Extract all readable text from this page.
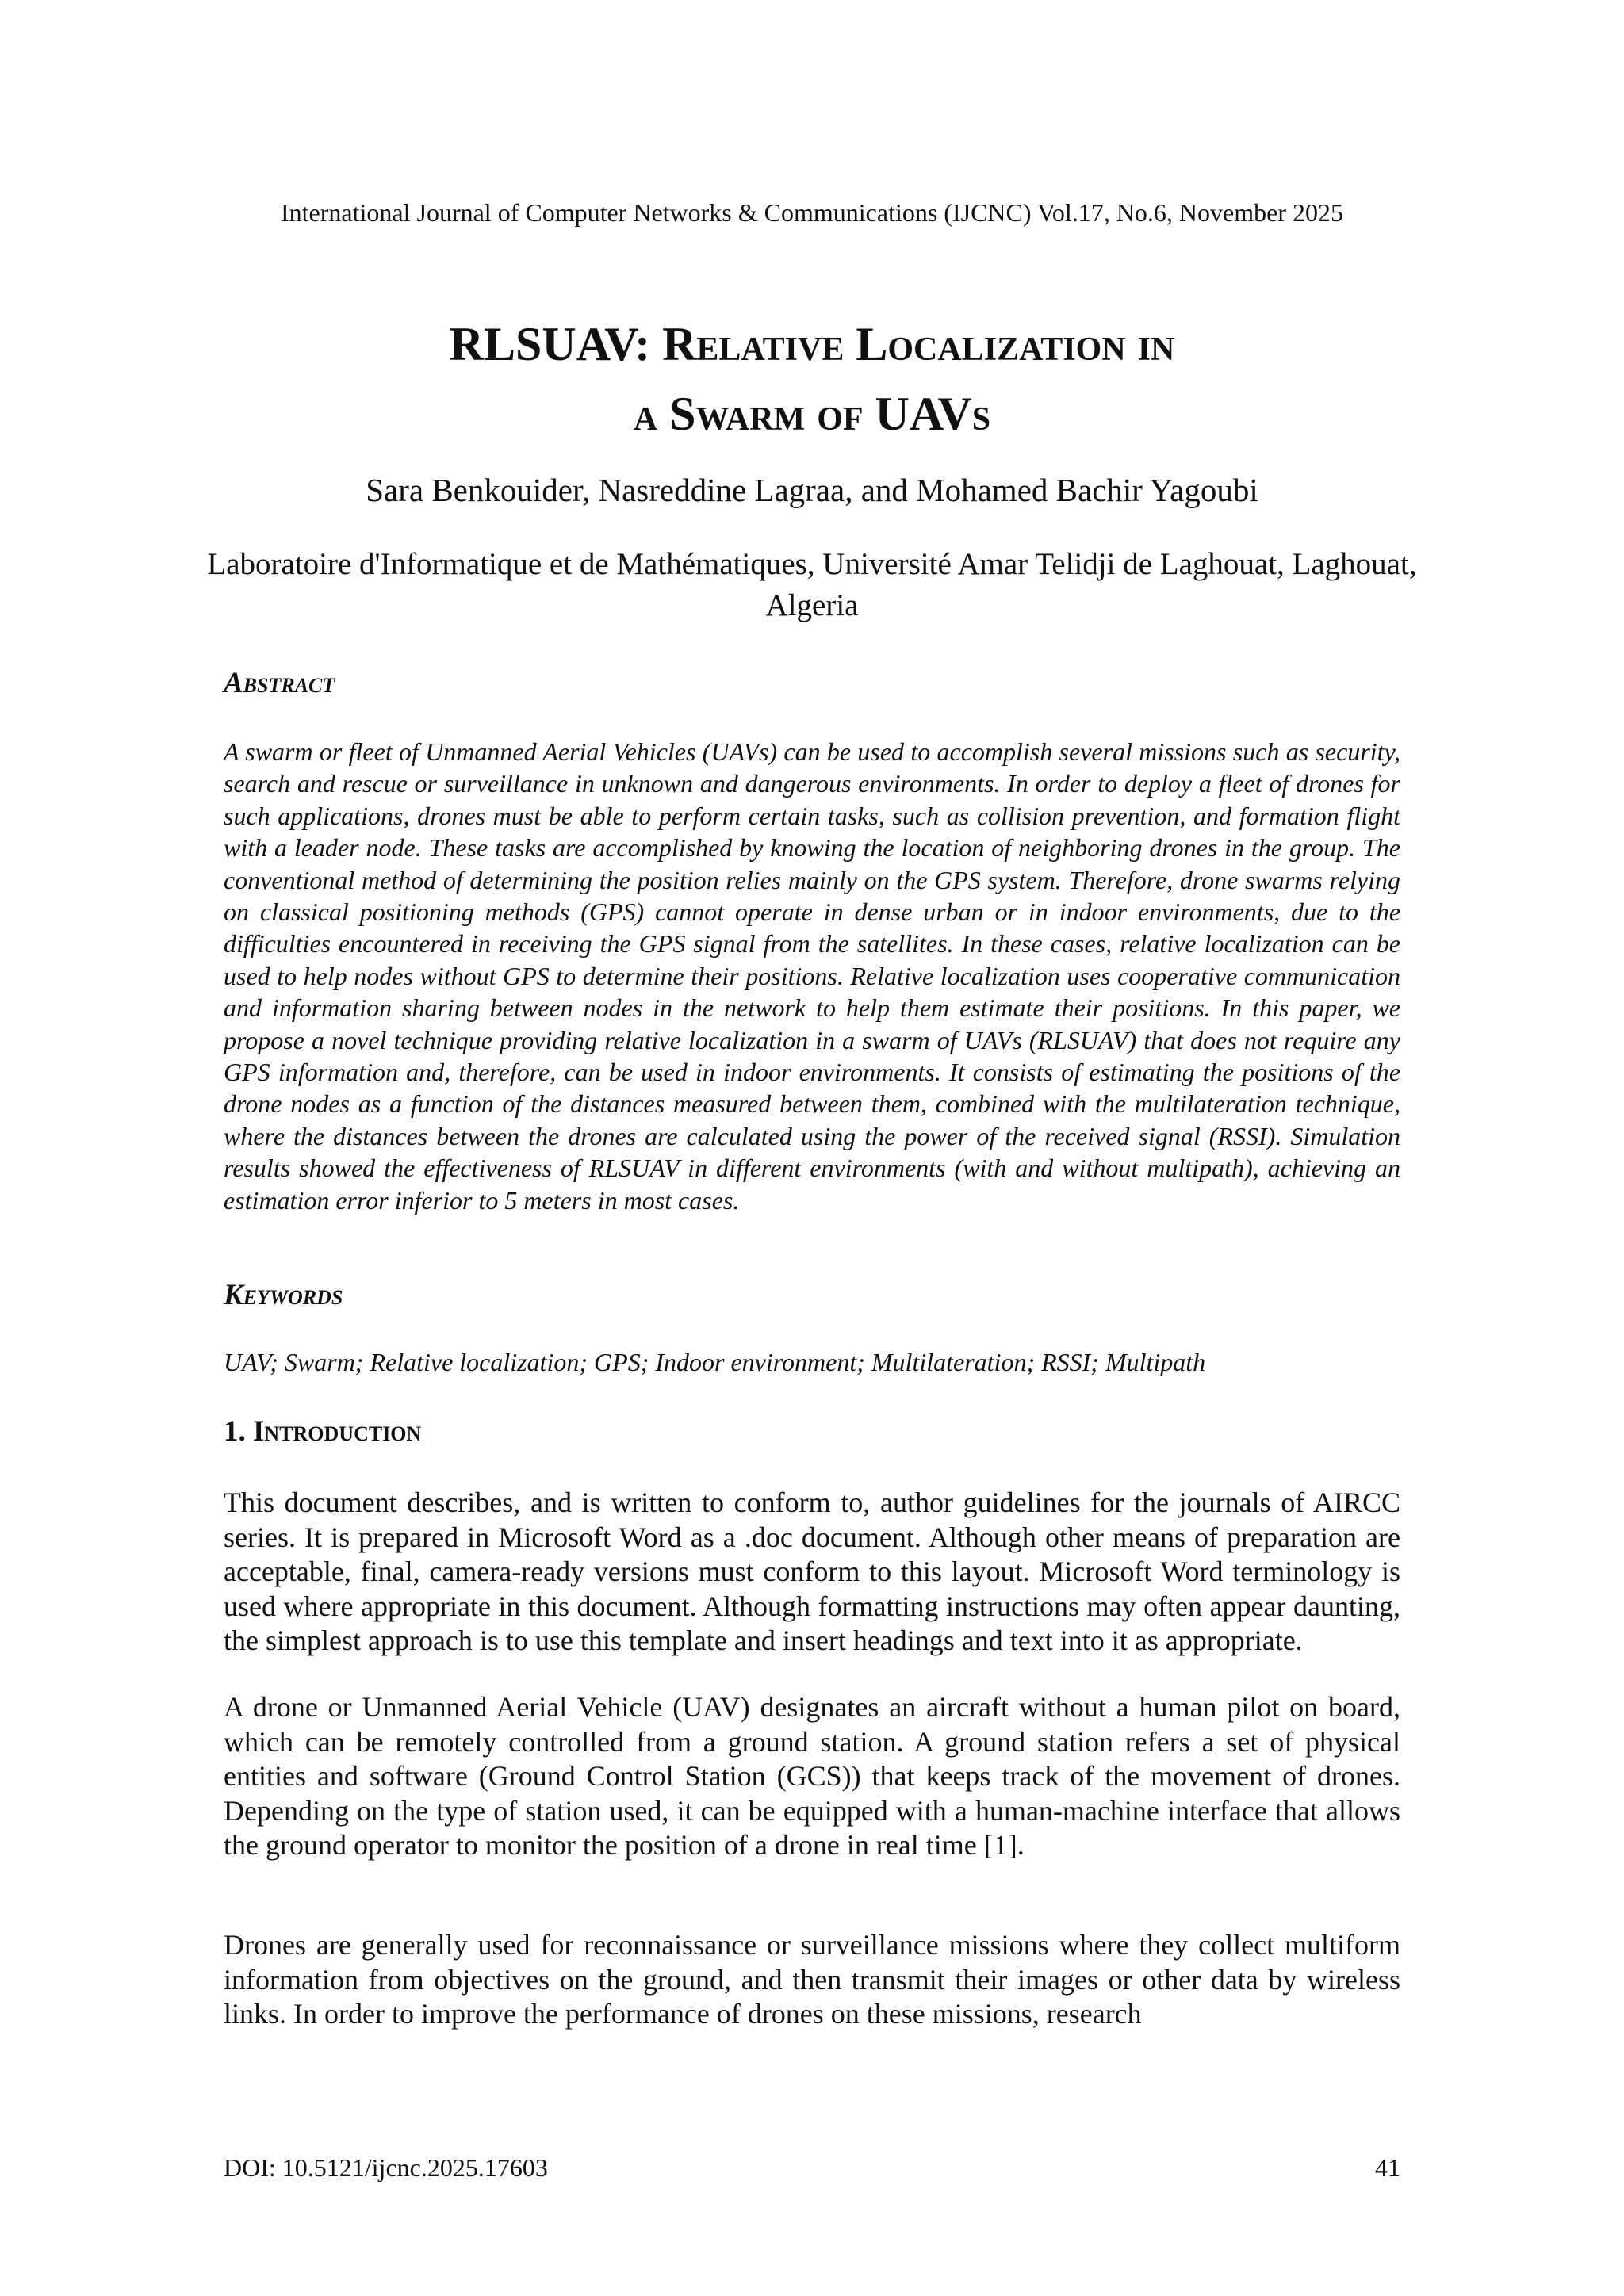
International Journal of Computer Networks & Communications (IJCNC) Vol.17, No.6, November 2025
RLSUAV: Relative Localization in
a Swarm of UAVs
Sara Benkouider, Nasreddine Lagraa, and Mohamed Bachir Yagoubi
Laboratoire d'Informatique et de Mathématiques, Université Amar Telidji de Laghouat, Laghouat, Algeria
Abstract
A swarm or fleet of Unmanned Aerial Vehicles (UAVs) can be used to accomplish several missions such as security, search and rescue or surveillance in unknown and dangerous environments. In order to deploy a fleet of drones for such applications, drones must be able to perform certain tasks, such as collision prevention, and formation flight with a leader node. These tasks are accomplished by knowing the location of neighboring drones in the group. The conventional method of determining the position relies mainly on the GPS system. Therefore, drone swarms relying on classical positioning methods (GPS) cannot operate in dense urban or in indoor environments, due to the difficulties encountered in receiving the GPS signal from the satellites. In these cases, relative localization can be used to help nodes without GPS to determine their positions. Relative localization uses cooperative communication and information sharing between nodes in the network to help them estimate their positions. In this paper, we propose a novel technique providing relative localization in a swarm of UAVs (RLSUAV) that does not require any GPS information and, therefore, can be used in indoor environments. It consists of estimating the positions of the drone nodes as a function of the distances measured between them, combined with the multilateration technique, where the distances between the drones are calculated using the power of the received signal (RSSI). Simulation results showed the effectiveness of RLSUAV in different environments (with and without multipath), achieving an estimation error inferior to 5 meters in most cases.
Keywords
UAV; Swarm; Relative localization; GPS; Indoor environment; Multilateration; RSSI; Multipath
1. Introduction

This document describes, and is written to conform to, author guidelines for the journals of AIRCC series. It is prepared in Microsoft Word as a .doc document. Although other means of preparation are acceptable, final, camera-ready versions must conform to this layout. Microsoft Word terminology is used where appropriate in this document. Although formatting instructions may often appear daunting, the simplest approach is to use this template and insert headings and text into it as appropriate.

A drone or Unmanned Aerial Vehicle (UAV) designates an aircraft without a human pilot on board, which can be remotely controlled from a ground station. A ground station refers a set of physical entities and software (Ground Control Station (GCS)) that keeps track of the movement of drones. Depending on the type of station used, it can be equipped with a human-machine interface that allows the ground operator to monitor the position of a drone in real time [1].

Drones are generally used for reconnaissance or surveillance missions where they collect multiform information from objectives on the ground, and then transmit their images or other data by wireless links. In order to improve the performance of drones on these missions, research

DOI: 10.5121/ijcnc.2025.17603	41
